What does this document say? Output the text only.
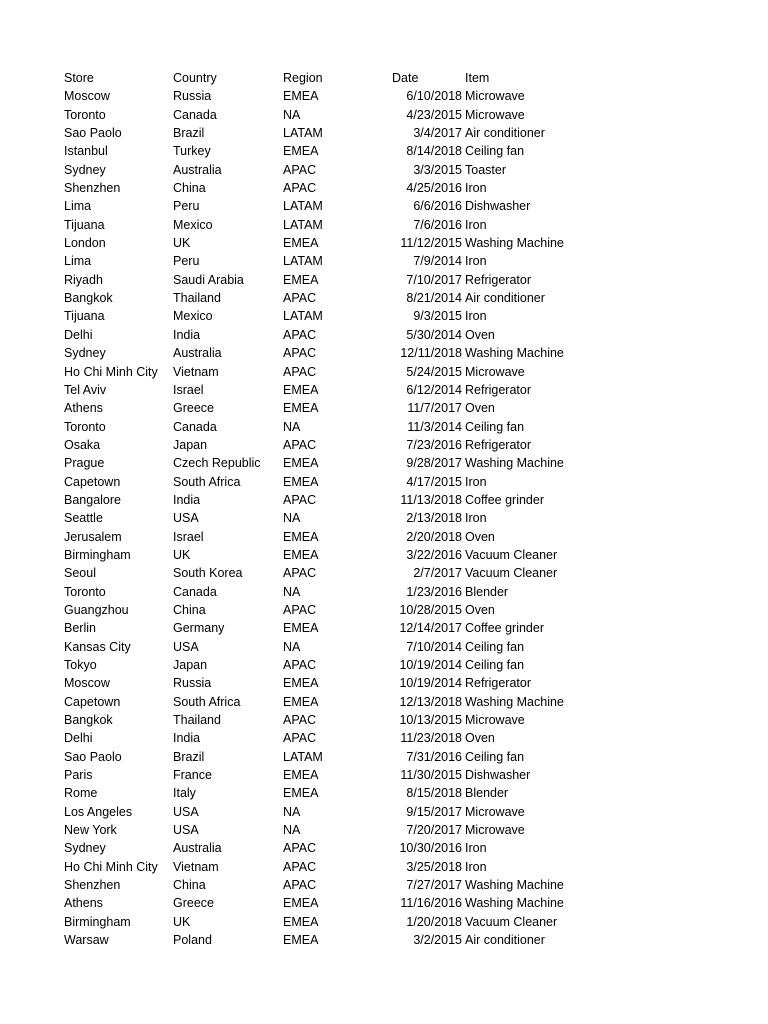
Store	Country	Region	Date	Item
Moscow	Russia	EMEA	6/10/2018 Microwave
Toronto	Canada	NA	4/23/2015 Microwave
Sao Paolo	Brazil	LATAM	3/4/2017 Air conditioner
Istanbul	Turkey	EMEA	8/14/2018 Ceiling fan
Sydney	Australia	APAC	3/3/2015 Toaster
Shenzhen	China	APAC	4/25/2016 Iron
Lima	Peru	LATAM	6/6/2016 Dishwasher
Tijuana	Mexico	LATAM	7/6/2016 Iron
London	UK	EMEA	11/12/2015 Washing Machine
Lima	Peru	LATAM	7/9/2014 Iron
Riyadh	Saudi Arabia	EMEA	7/10/2017 Refrigerator
Bangkok	Thailand	APAC	8/21/2014 Air conditioner
Tijuana	Mexico	LATAM	9/3/2015 Iron
Delhi	India	APAC	5/30/2014 Oven
Sydney	Australia	APAC	12/11/2018 Washing Machine
Ho Chi Minh City Vietnam	APAC	5/24/2015 Microwave
Tel Aviv	Israel	EMEA	6/12/2014 Refrigerator
Athens	Greece	EMEA	11/7/2017 Oven
Toronto	Canada	NA	11/3/2014 Ceiling fan
Osaka	Japan	APAC	7/23/2016 Refrigerator
Prague	Czech Republic EMEA	9/28/2017 Washing Machine
Capetown	South Africa	EMEA	4/17/2015 Iron
Bangalore	India	APAC	11/13/2018 Coffee grinder
Seattle	USA	NA	2/13/2018 Iron
Jerusalem	Israel	EMEA	2/20/2018 Oven
Birmingham	UK	EMEA	3/22/2016 Vacuum Cleaner
Seoul	South Korea	APAC	2/7/2017 Vacuum Cleaner
Toronto	Canada	NA	1/23/2016 Blender
Guangzhou	China	APAC	10/28/2015 Oven
Berlin	Germany	EMEA	12/14/2017 Coffee grinder
Kansas City	USA	NA	7/10/2014 Ceiling fan
Tokyo	Japan	APAC	10/19/2014 Ceiling fan
Moscow	Russia	EMEA	10/19/2014 Refrigerator
Capetown	South Africa	EMEA	12/13/2018 Washing Machine
Bangkok	Thailand	APAC	10/13/2015 Microwave
Delhi	India	APAC	11/23/2018 Oven
Sao Paolo	Brazil	LATAM	7/31/2016 Ceiling fan
Paris	France	EMEA	11/30/2015 Dishwasher
Rome	Italy	EMEA	8/15/2018 Blender
Los Angeles	USA	NA	9/15/2017 Microwave
New York	USA	NA	7/20/2017 Microwave
Sydney	Australia	APAC	10/30/2016 Iron
Ho Chi Minh City Vietnam	APAC	3/25/2018 Iron
Shenzhen	China	APAC	7/27/2017 Washing Machine
Athens	Greece	EMEA	11/16/2016 Washing Machine
Birmingham	UK	EMEA	1/20/2018 Vacuum Cleaner
Warsaw	Poland	EMEA	3/2/2015 Air conditioner
